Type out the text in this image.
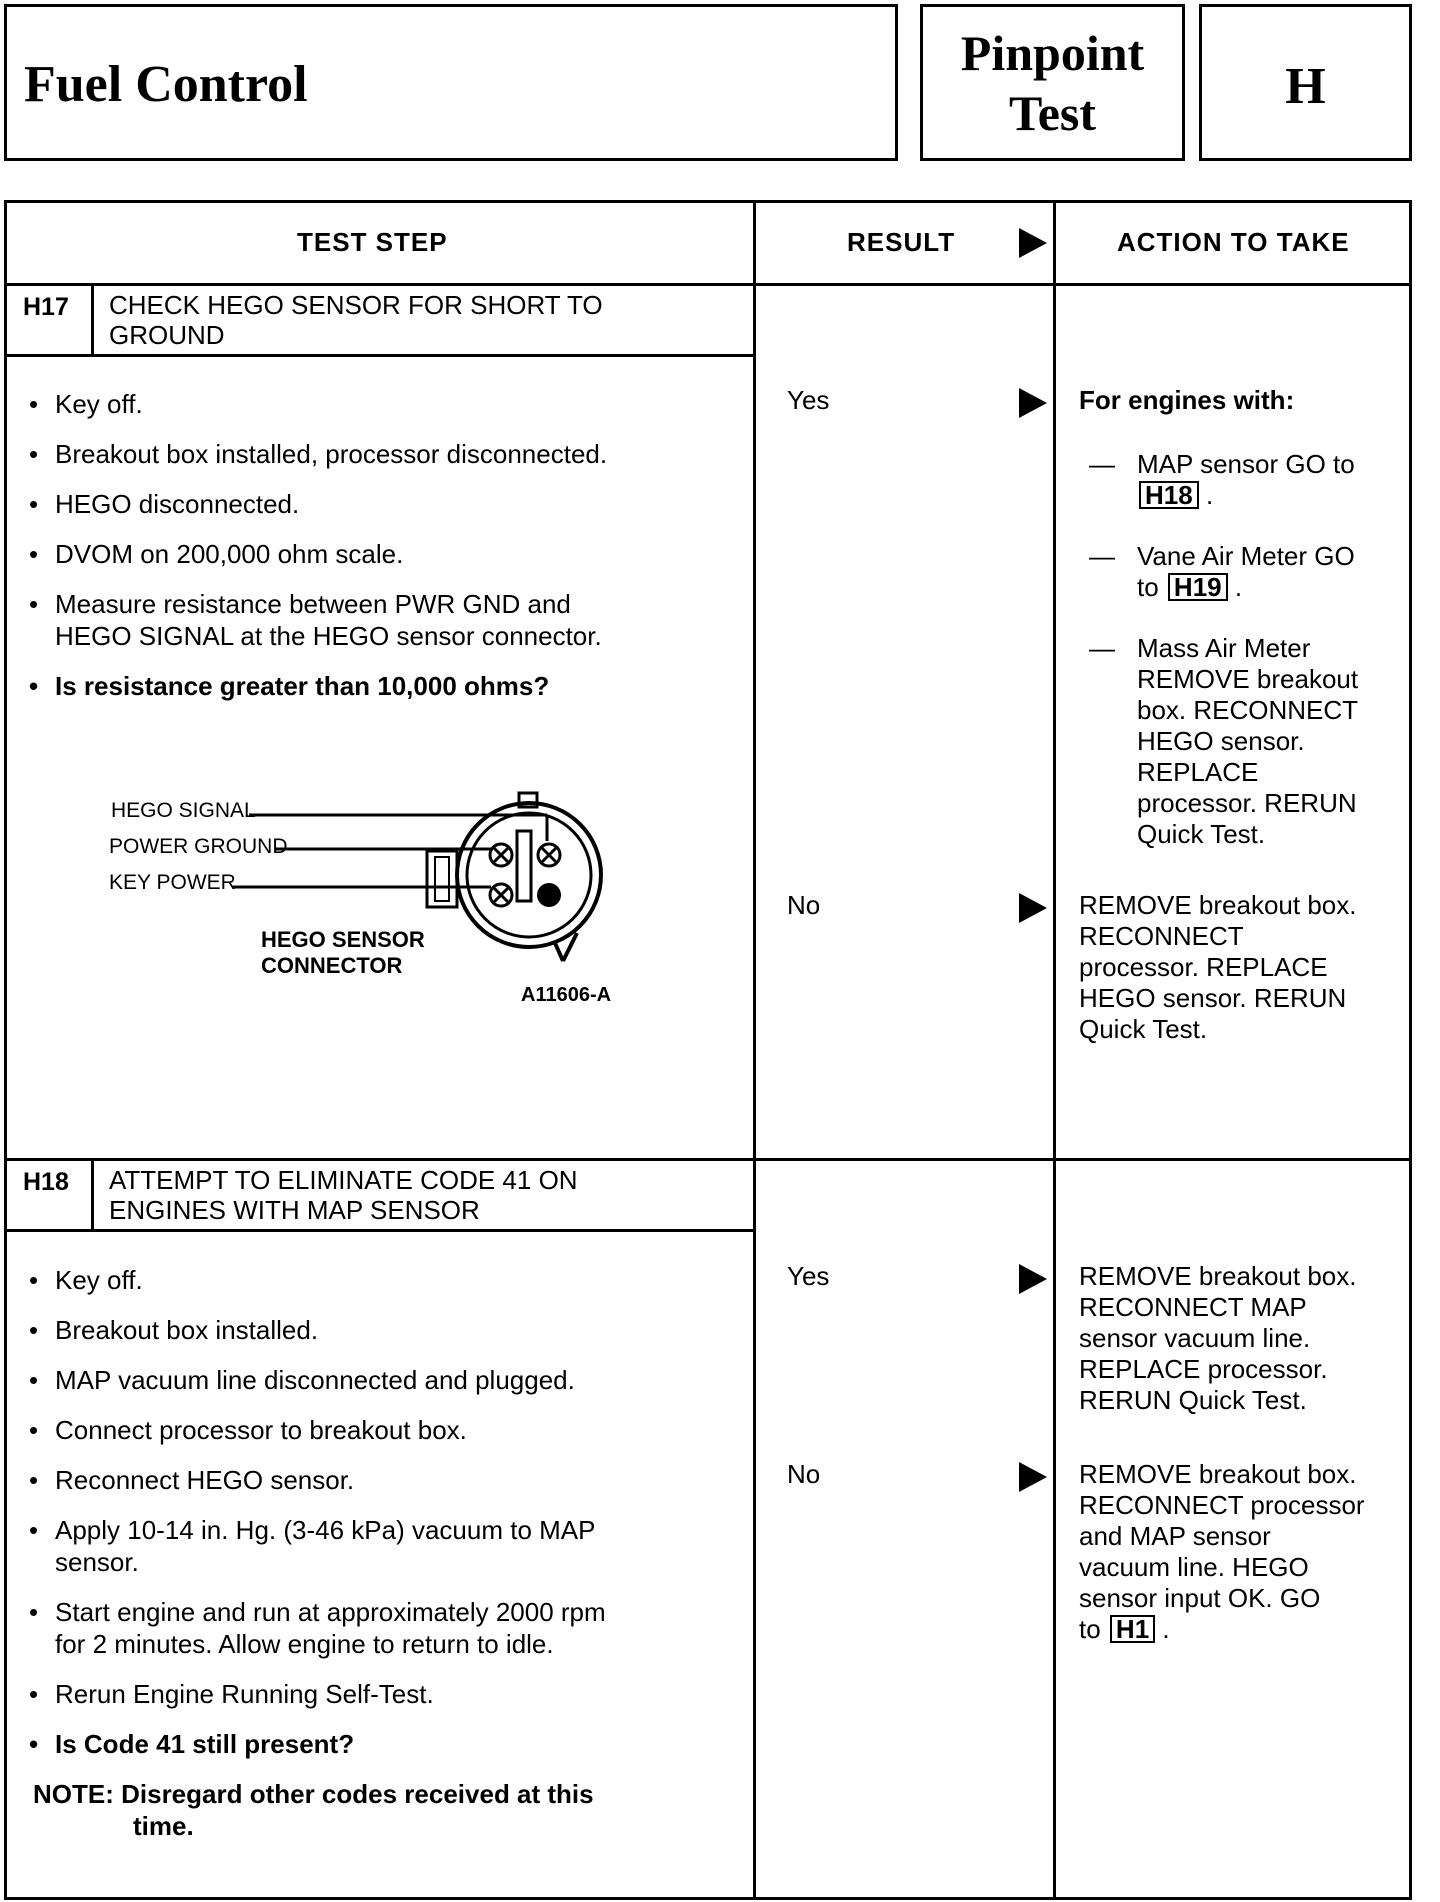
Fuel Control
Pinpoint
Test	H
TEST STEP	RESULT	ACTION TO TAKE
H17 CHECK HEGO SENSOR FOR SHORT TO
GROUND
• Key off.
• Breakout box installed, processor disconnected.
• HEGO disconnected.
• DVOM on 200,000 ohm scale.
• Measure resistance between PWR GND and
HEGO SIGNAL at the HEGO sensor connector.
• Is resistance greater than 10,000 ohms?
HEGO SIGNAL
POWER GROUND
KEY POWER
HEGO SENSOR
CONNECTOR
A11606-A
Yes	For engines with:
— MAP sensor GO to
H18 .
— Vane Air Meter GO
to H19 .
— Mass Air Meter
REMOVE breakout
box. RECONNECT
HEGO sensor.
REPLACE
processor. RERUN
Quick Test.
No	REMOVE breakout box.
RECONNECT
processor. REPLACE
HEGO sensor. RERUN
Quick Test.
H18 ATTEMPT TO ELIMINATE CODE 41 ON
ENGINES WITH MAP SENSOR
• Key off.
• Breakout box installed.
• MAP vacuum line disconnected and plugged.
• Connect processor to breakout box.
• Reconnect HEGO sensor.
• Apply 10-14 in. Hg. (3-46 kPa) vacuum to MAP
sensor.
• Start engine and run at approximately 2000 rpm
for 2 minutes. Allow engine to return to idle.
• Rerun Engine Running Self-Test.
• Is Code 41 still present?
NOTE: Disregard other codes received at this
time.
Yes	REMOVE breakout box.
RECONNECT MAP
sensor vacuum line.
REPLACE processor.
RERUN Quick Test.
No	REMOVE breakout box.
RECONNECT processor
and MAP sensor
vacuum line. HEGO
sensor input OK. GO
to H1 .
